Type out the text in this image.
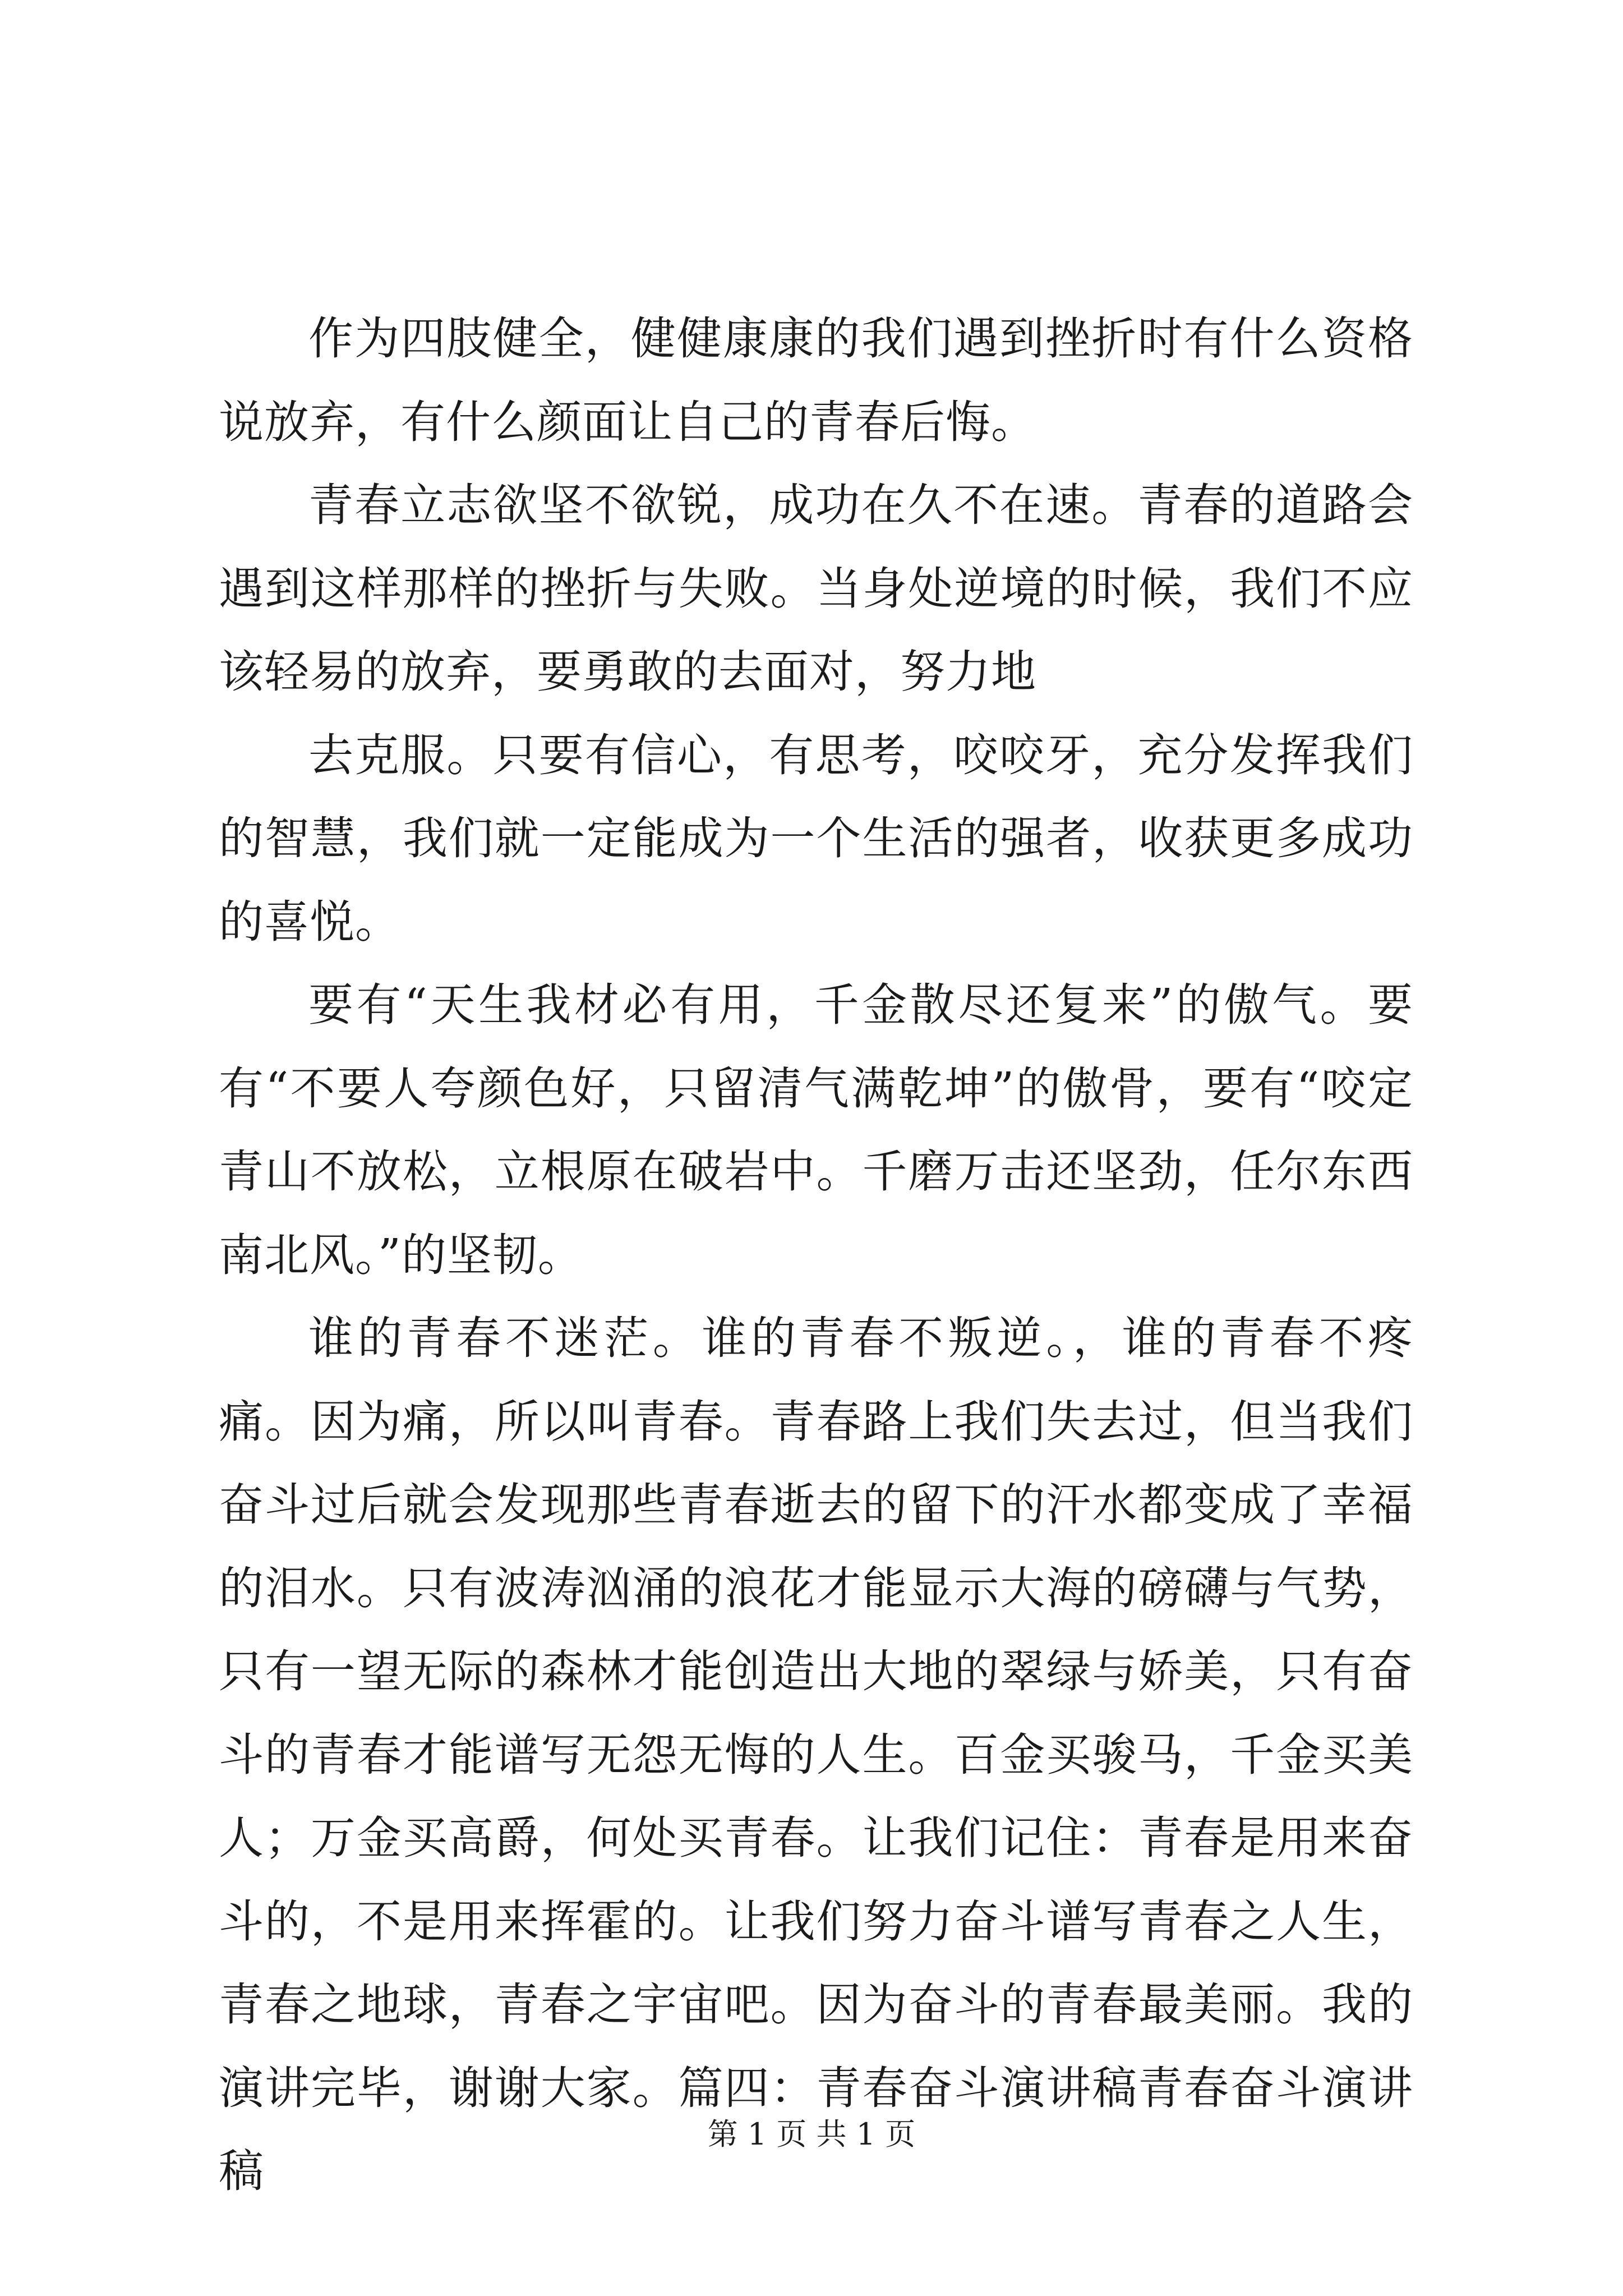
作为四肢健全，健健康康的我们遇到挫折时有什么资格说放弃，有什么颜面让自己的青春后悔。

青春立志欲坚不欲锐，成功在久不在速。青春的道路会遇到这样那样的挫折与失败。当身处逆境的时候，我们不应该轻易的放弃，要勇敢的去面对，努力地

去克服。只要有信心，有思考，咬咬牙，充分发挥我们的智慧，我们就一定能成为一个生活的强者，收获更多成功的喜悦。

要有“天生我材必有用，千金散尽还复来”的傲气。要有“不要人夸颜色好，只留清气满乾坤”的傲骨，要有“咬定青山不放松，立根原在破岩中。千磨万击还坚劲，任尔东西南北风。”的坚韧。

谁的青春不迷茫。谁的青春不叛逆。，谁的青春不疼痛。因为痛，所以叫青春。青春路上我们失去过，但当我们奋斗过后就会发现那些青春逝去的留下的汗水都变成了幸福的泪水。只有波涛汹涌的浪花才能显示大海的磅礴与气势，只有一望无际的森林才能创造出大地的翠绿与娇美，只有奋斗的青春才能谱写无怨无悔的人生。百金买骏马，千金买美人；万金买高爵，何处买青春。让我们记住：青春是用来奋斗的，不是用来挥霍的。让我们努力奋斗谱写青春之人生，青春之地球，青春之宇宙吧。因为奋斗的青春最美丽。我的演讲完毕，谢谢大家。篇四：青春奋斗演讲稿青春奋斗演讲稿

第 1 页 共 1 页
